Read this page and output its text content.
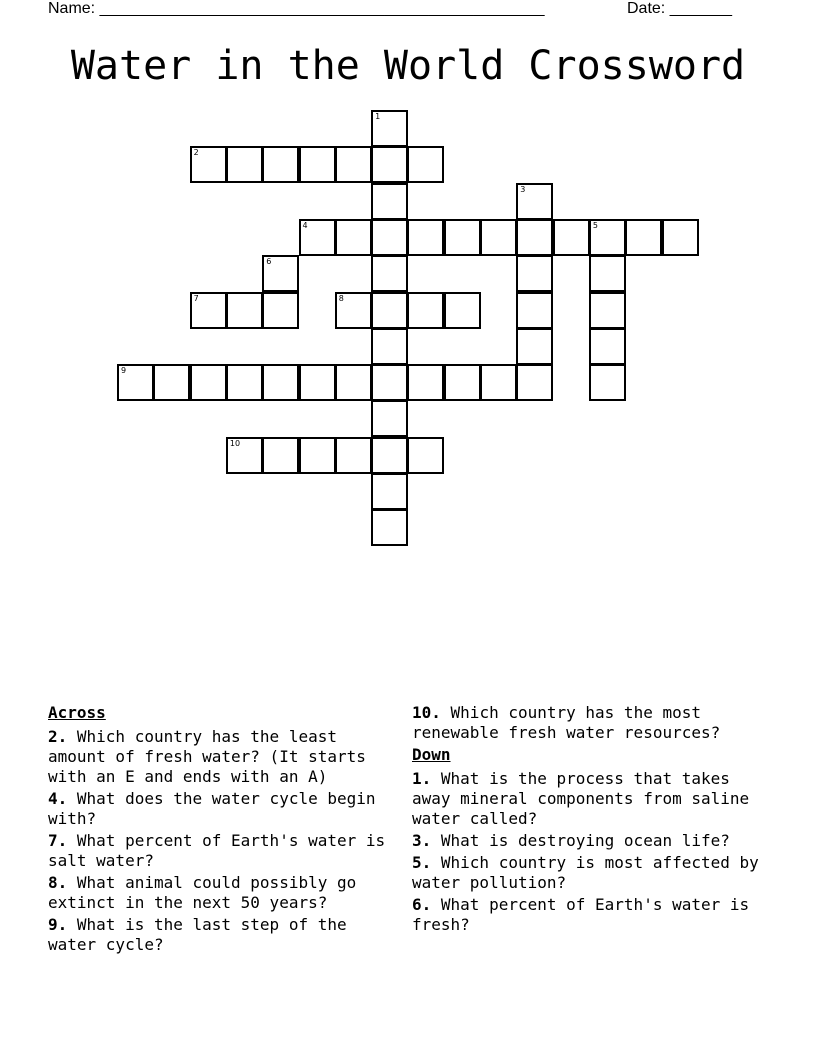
Name: __________________________________________________	Date: _______
Water in the World Crossword
1
2
3
4	5
6
7	8
9
10
Across
2. Which country has the least amount of fresh water? (It starts with an E and ends with an A)
4. What does the water cycle begin with?
7. What percent of Earth's water is salt water?
8. What animal could possibly go extinct in the next 50 years?
9. What is the last step of the water cycle?
10. Which country has the most renewable fresh water resources?
Down
1. What is the process that takes away mineral components from saline water called?
3. What is destroying ocean life?
5. Which country is most affected by water pollution?
6. What percent of Earth's water is fresh?
